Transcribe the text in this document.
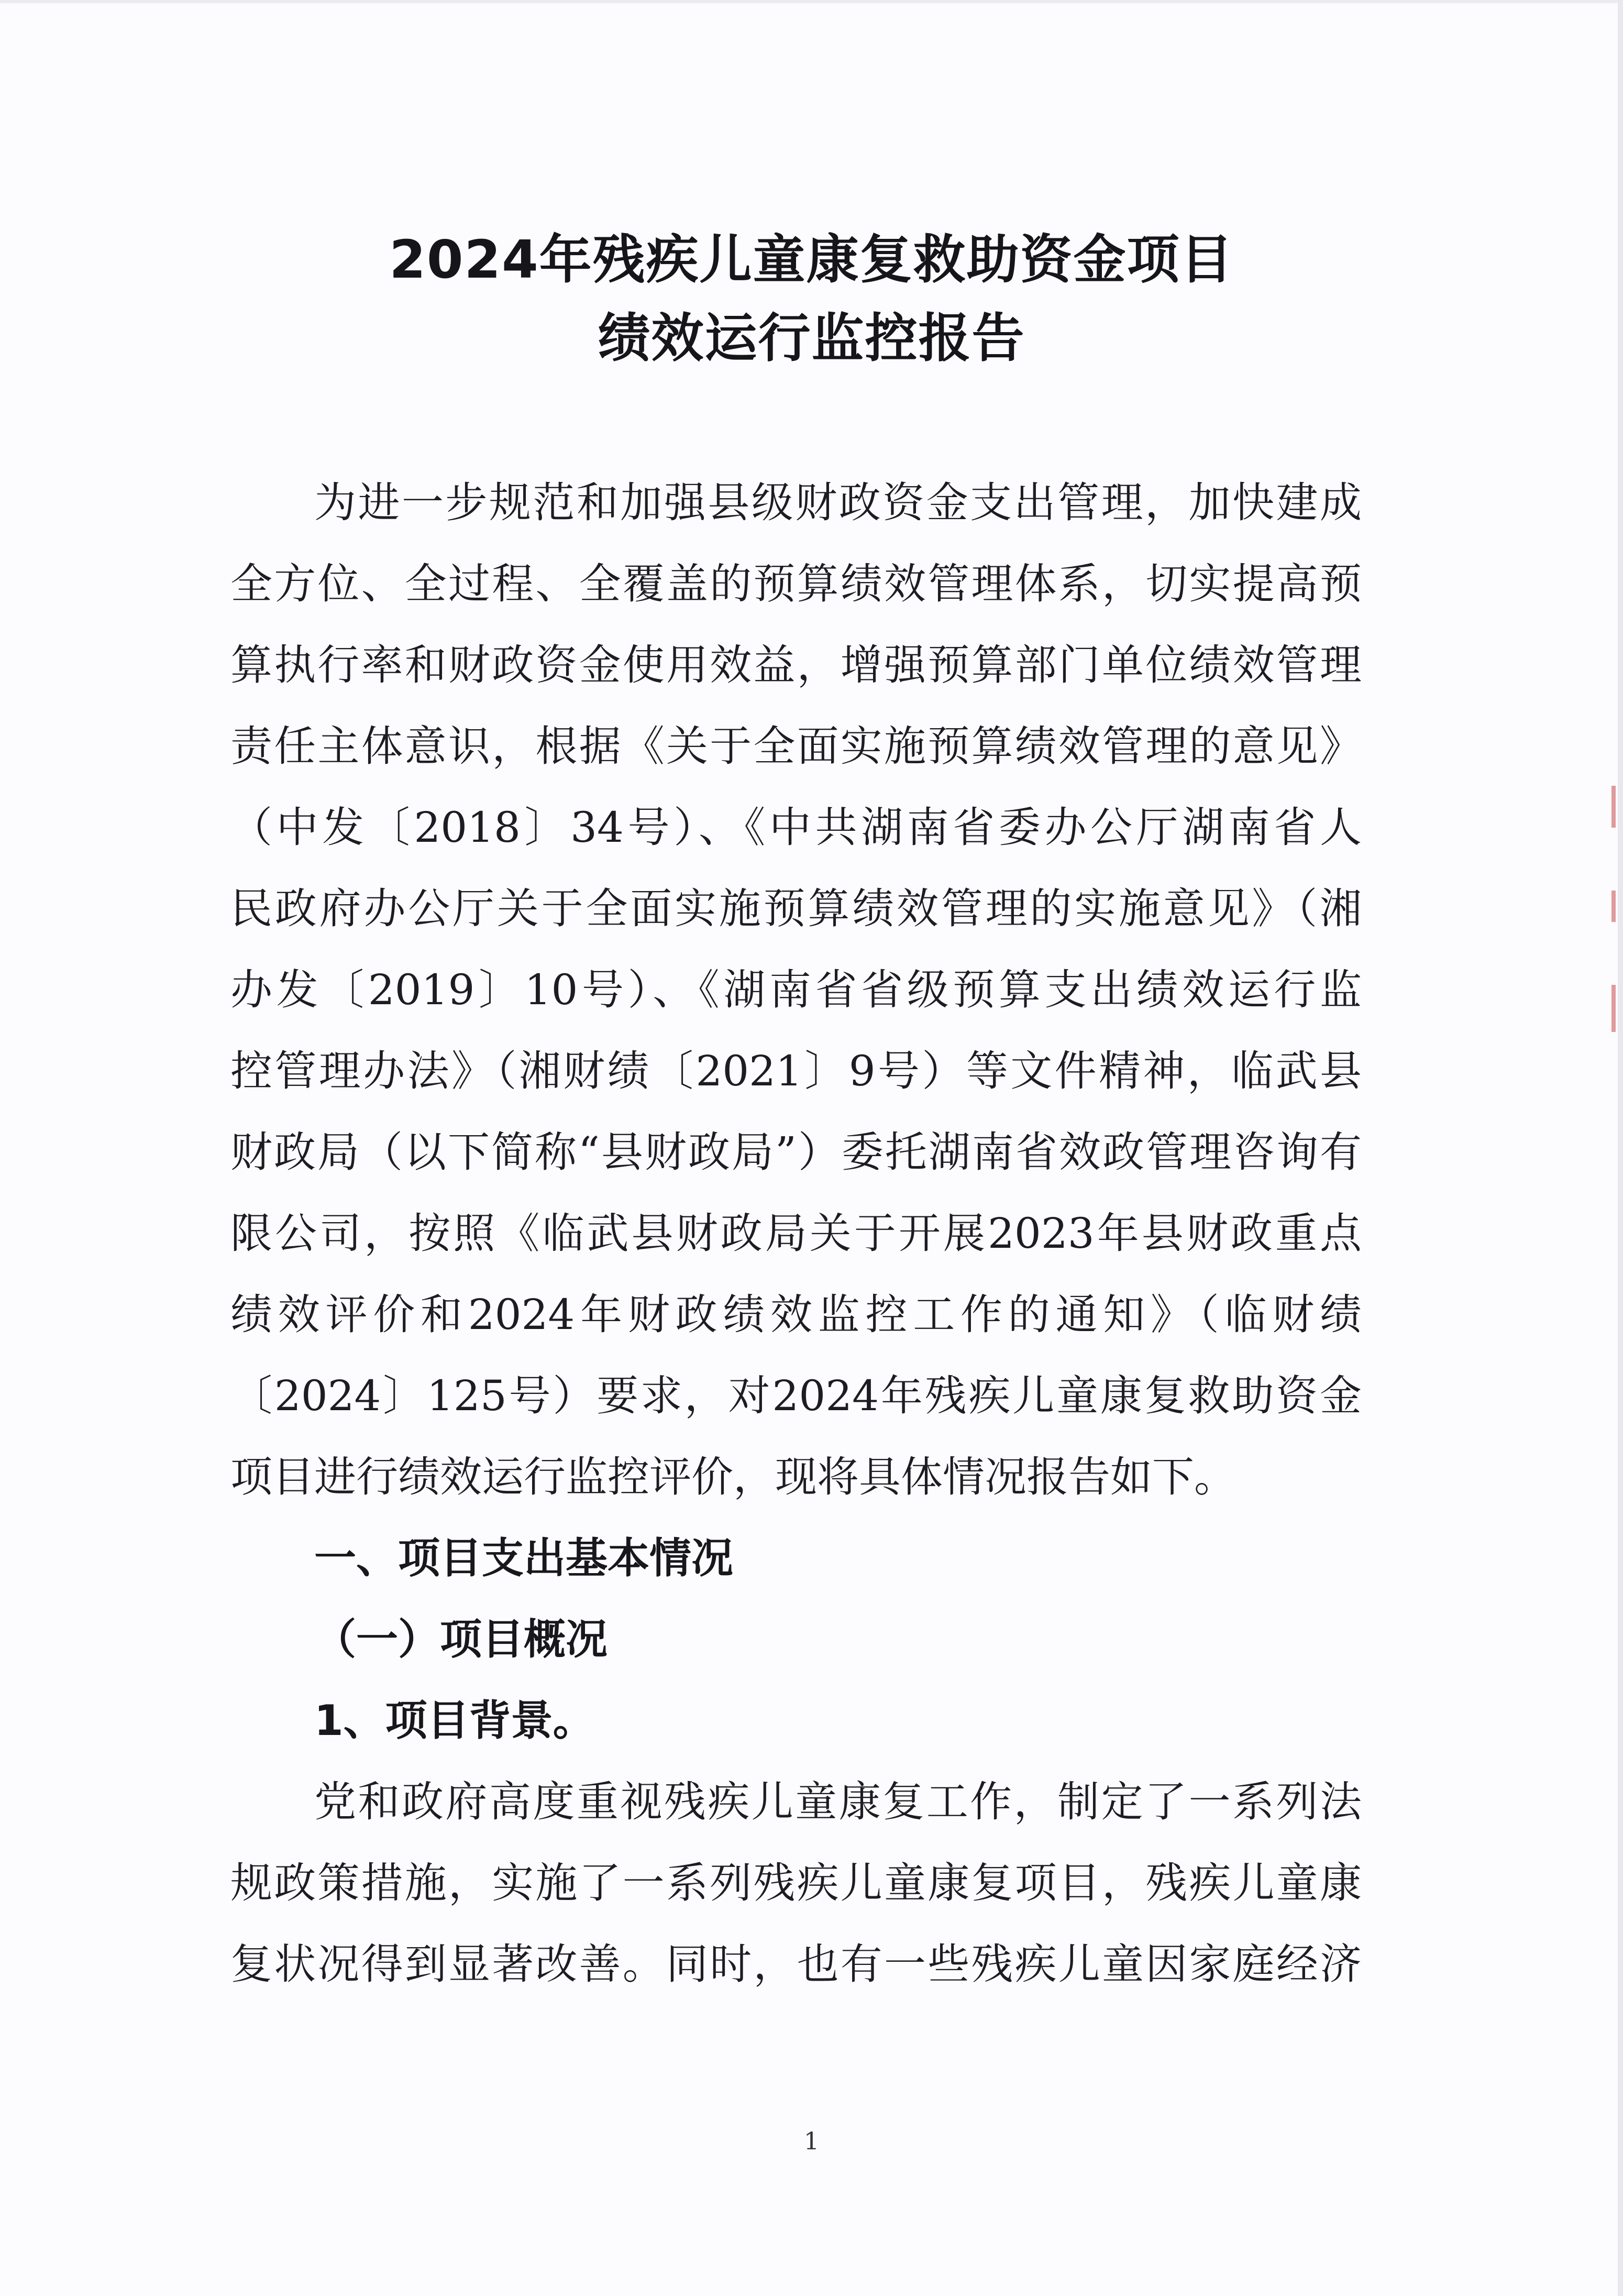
2024年残疾儿童康复救助资金项目
绩效运行监控报告
为进一步规范和加强县级财政资金支出管理，加快建成
全方位、全过程、全覆盖的预算绩效管理体系，切实提高预
算执行率和财政资金使用效益，增强预算部门单位绩效管理
责任主体意识，根据《关于全面实施预算绩效管理的意见》
（中发〔2018〕34号）、《中共湖南省委办公厅湖南省人
民政府办公厅关于全面实施预算绩效管理的实施意见》（湘
办发〔2019〕10号）、《湖南省省级预算支出绩效运行监
控管理办法》（湘财绩〔2021〕9号）等文件精神，临武县
财政局（以下简称“县财政局”）委托湖南省效政管理咨询有
限公司，按照《临武县财政局关于开展2023年县财政重点
绩效评价和2024年财政绩效监控工作的通知》（临财绩
〔2024〕125号）要求，对2024年残疾儿童康复救助资金
项目进行绩效运行监控评价，现将具体情况报告如下。
一、项目支出基本情况
（一）项目概况
1、项目背景。
党和政府高度重视残疾儿童康复工作，制定了一系列法
规政策措施，实施了一系列残疾儿童康复项目，残疾儿童康
复状况得到显著改善。同时，也有一些残疾儿童因家庭经济
1
